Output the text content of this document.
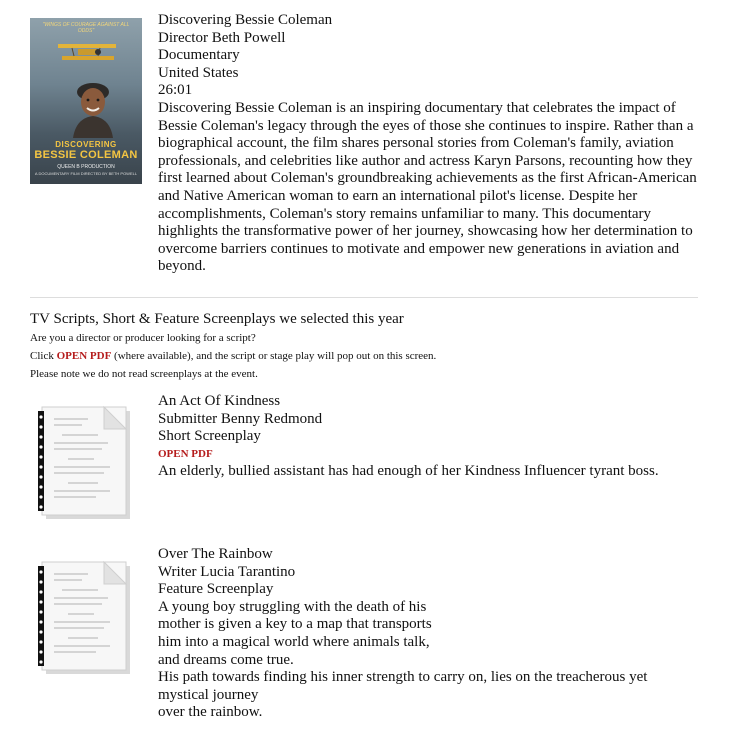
"WINGS OF COURAGE AGAINST ALL ODDS"
DISCOVERING
BESSIE COLEMAN
QUEEN B PRODUCTION
A DOCUMENTARY FILM DIRECTED BY BETH POWELL
Discovering Bessie Coleman
Director Beth Powell
Documentary
United States
26:01
Discovering Bessie Coleman is an inspiring documentary that celebrates the impact of Bessie Coleman's legacy through the eyes of those she continues to inspire. Rather than a biographical account, the film shares personal stories from Coleman's family, aviation professionals, and celebrities like author and actress Karyn Parsons, recounting how they first learned about Coleman's groundbreaking achievements as the first African-American and Native American woman to earn an international pilot's license. Despite her accomplishments, Coleman's story remains unfamiliar to many. This documentary highlights the transformative power of her journey, showcasing how her determination to overcome barriers continues to motivate and empower new generations in aviation and beyond.
TV Scripts, Short & Feature Screenplays we selected this year
Are you a director or producer looking for a script?
Click OPEN PDF (where available), and the script or stage play will pop out on this screen.
Please note we do not read screenplays at the event.
An Act Of Kindness
Submitter Benny Redmond
Short Screenplay
OPEN PDF
An elderly, bullied assistant has had enough of her Kindness Influencer tyrant boss.
Over The Rainbow
Writer Lucia Tarantino
Feature Screenplay
A young boy struggling with the death of his
mother is given a key to a map that transports
him into a magical world where animals talk,
and dreams come true.
His path towards finding his inner strength to carry on, lies on the treacherous yet
mystical journey
over the rainbow.
